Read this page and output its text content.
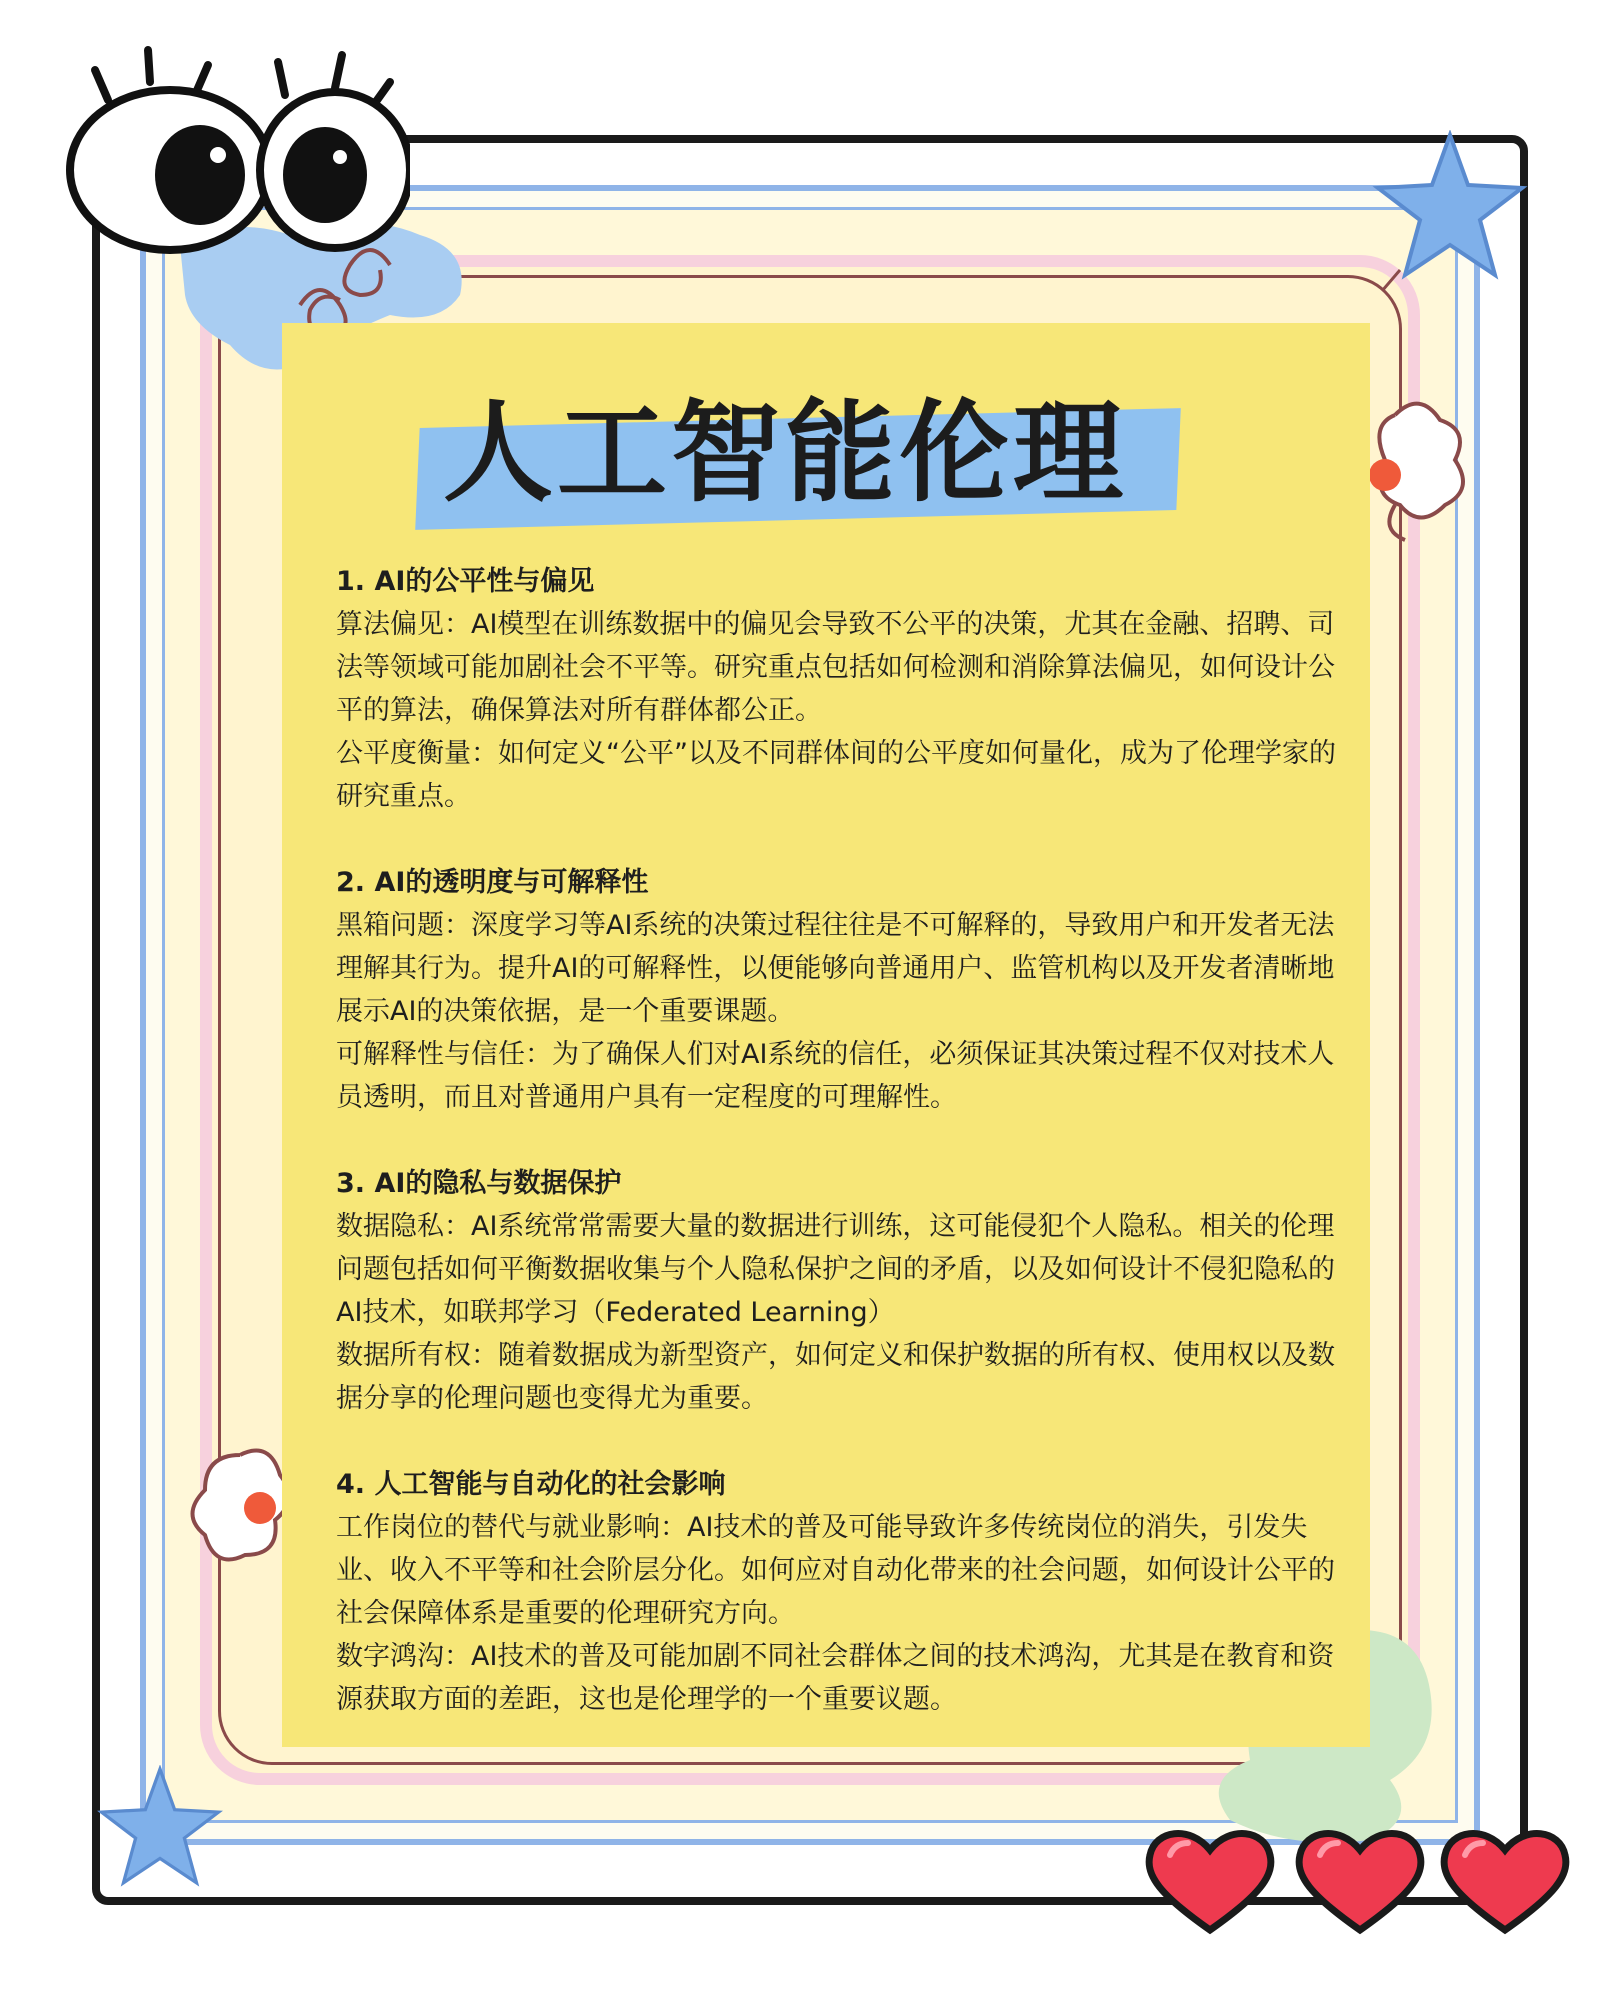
人工智能伦理

1. AI的公平性与偏见

算法偏见：AI模型在训练数据中的偏见会导致不公平的决策，尤其在金融、招聘、司法等领域可能加剧社会不平等。研究重点包括如何检测和消除算法偏见，如何设计公平的算法，确保算法对所有群体都公正。

公平度衡量：如何定义“公平”以及不同群体间的公平度如何量化，成为了伦理学家的研究重点。

2. AI的透明度与可解释性

黑箱问题：深度学习等AI系统的决策过程往往是不可解释的，导致用户和开发者无法理解其行为。提升AI的可解释性，以便能够向普通用户、监管机构以及开发者清晰地展示AI的决策依据，是一个重要课题。

可解释性与信任：为了确保人们对AI系统的信任，必须保证其决策过程不仅对技术人员透明，而且对普通用户具有一定程度的可理解性。

3. AI的隐私与数据保护

数据隐私：AI系统常常需要大量的数据进行训练，这可能侵犯个人隐私。相关的伦理问题包括如何平衡数据收集与个人隐私保护之间的矛盾，以及如何设计不侵犯隐私的AI技术，如联邦学习（Federated Learning）

数据所有权：随着数据成为新型资产，如何定义和保护数据的所有权、使用权以及数据分享的伦理问题也变得尤为重要。

4. 人工智能与自动化的社会影响

工作岗位的替代与就业影响：AI技术的普及可能导致许多传统岗位的消失，引发失业、收入不平等和社会阶层分化。如何应对自动化带来的社会问题，如何设计公平的社会保障体系是重要的伦理研究方向。

数字鸿沟：AI技术的普及可能加剧不同社会群体之间的技术鸿沟，尤其是在教育和资源获取方面的差距，这也是伦理学的一个重要议题。
